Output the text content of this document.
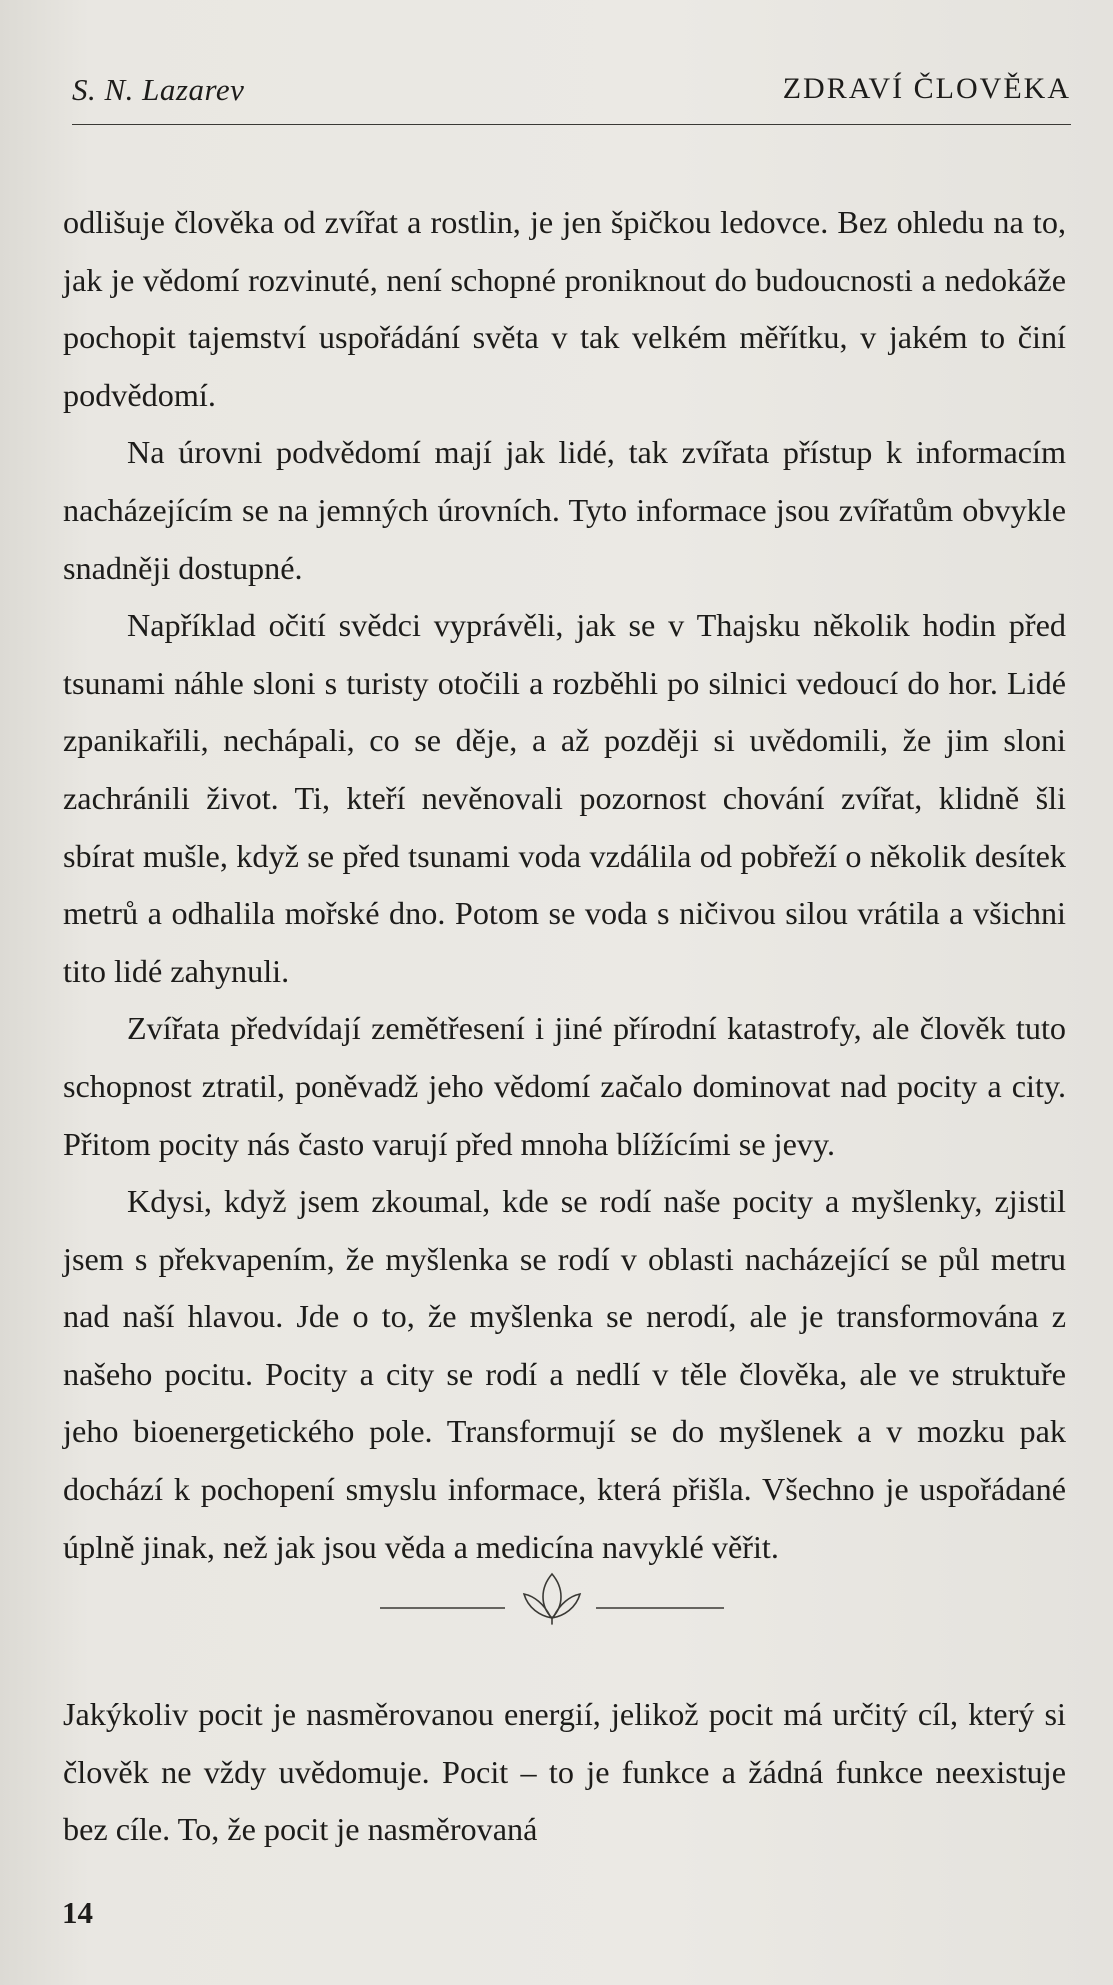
S. N. Lazarev	ZDRAVÍ ČLOVĚKA

odlišuje člověka od zvířat a rostlin, je jen špičkou ledovce. Bez ohledu na to, jak je vědomí rozvinuté, není schopné proniknout do budoucnosti a nedokáže pochopit tajemství uspořádání světa v tak velkém měřítku, v jakém to činí podvědomí.

Na úrovni podvědomí mají jak lidé, tak zvířata přístup k informacím nacházejícím se na jemných úrovních. Tyto informace jsou zvířatům obvykle snadněji dostupné.

Například očití svědci vyprávěli, jak se v Thajsku několik hodin před tsunami náhle sloni s turisty otočili a rozběhli po silnici vedoucí do hor. Lidé zpanikařili, nechápali, co se děje, a až později si uvědomili, že jim sloni zachránili život. Ti, kteří nevěnovali pozornost chování zvířat, klidně šli sbírat mušle, když se před tsunami voda vzdálila od pobřeží o několik desítek metrů a odhalila mořské dno. Potom se voda s ničivou silou vrátila a všichni tito lidé zahynuli.

Zvířata předvídají zemětřesení i jiné přírodní katastrofy, ale člověk tuto schopnost ztratil, poněvadž jeho vědomí začalo dominovat nad pocity a city. Přitom pocity nás často varují před mnoha blížícími se jevy.

Kdysi, když jsem zkoumal, kde se rodí naše pocity a myšlenky, zjistil jsem s překvapením, že myšlenka se rodí v oblasti nacházející se půl metru nad naší hlavou. Jde o to, že myšlenka se nerodí, ale je transformována z našeho pocitu. Pocity a city se rodí a nedlí v těle člověka, ale ve struktuře jeho bioenergetického pole. Transformují se do myšlenek a v mozku pak dochází k pochopení smyslu informace, která přišla. Všechno je uspořádané úplně jinak, než jak jsou věda a medicína navyklé věřit.

Jakýkoliv pocit je nasměrovanou energií, jelikož pocit má určitý cíl, který si člověk ne vždy uvědomuje. Pocit – to je funkce a žádná funkce neexistuje bez cíle. To, že pocit je nasměrovaná

14
